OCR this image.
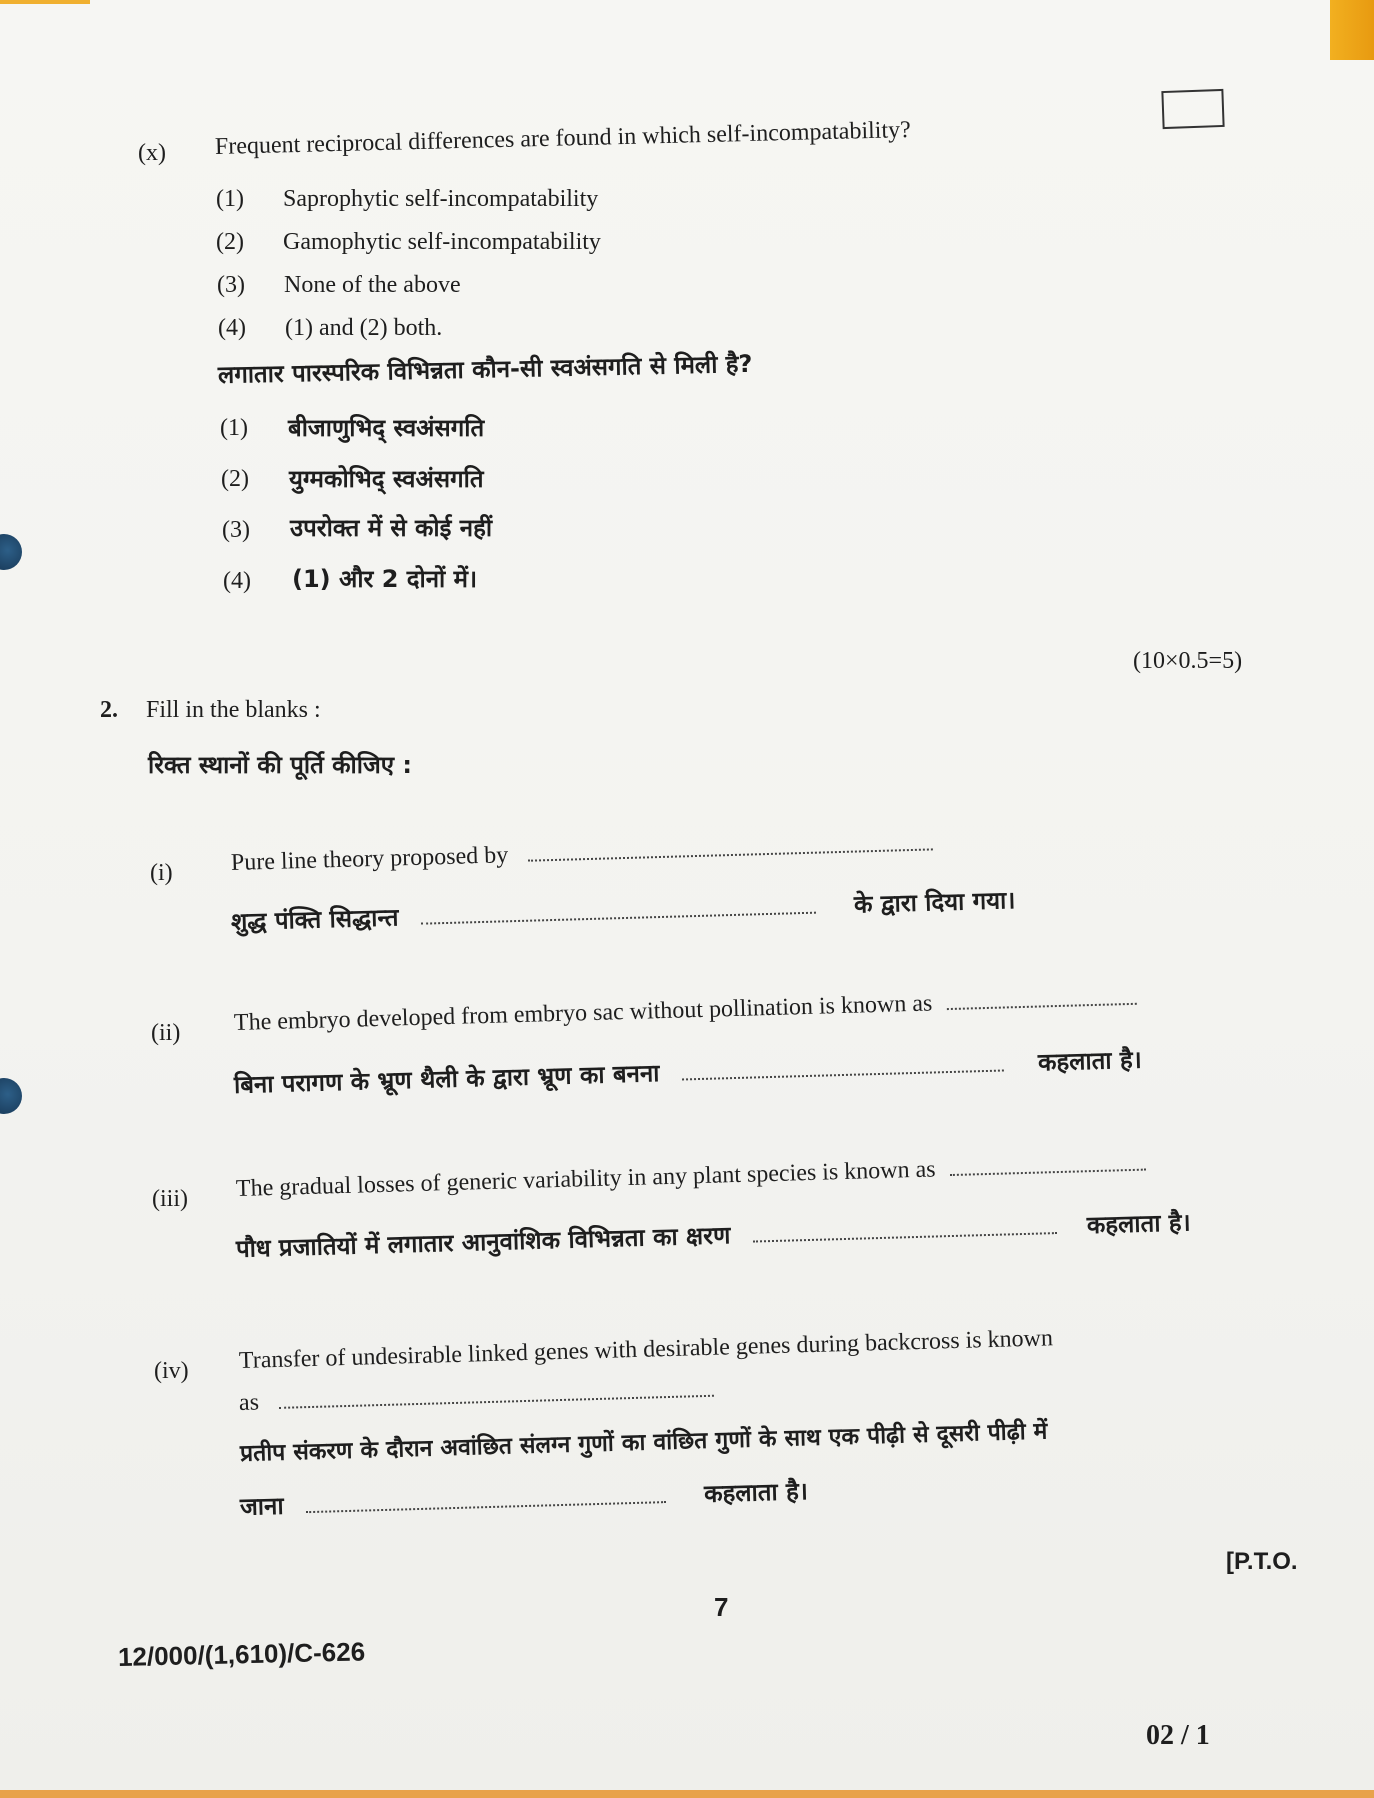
(x) Frequent reciprocal differences are found in which self-incompatability?
(1) Saprophytic self-incompatability
(2) Gamophytic self-incompatability
(3) None of the above
(4) (1) and (2) both.
लगातार पारस्परिक विभिन्नता कौन-सी स्वअंसगति से मिली है?
(1) बीजाणुभिद् स्वअंसगति
(2) युग्मकोभिद् स्वअंसगति
(3) उपरोक्त में से कोई नहीं
(4) (1) और 2 दोनों में।
(10×0.5=5)
2. Fill in the blanks :
रिक्त स्थानों की पूर्ति कीजिए :
(i) Pure line theory proposed by
शुद्ध पंक्ति सिद्धान्त  के द्वारा दिया गया।
(ii) The embryo developed from embryo sac without pollination is known as
बिना परागण के भ्रूण थैली के द्वारा भ्रूण का बनना	कहलाता है।
(iii) The gradual losses of generic variability in any plant species is known as
पौध प्रजातियों में लगातार आनुवांशिक विभिन्नता का क्षरण	कहलाता है।
(iv) Transfer of undesirable linked genes with desirable genes during backcross is known
as
प्रतीप संकरण के दौरान अवांछित संलग्न गुणों का वांछित गुणों के साथ एक पीढ़ी से दूसरी पीढ़ी में
जाना	कहलाता है।
[P.T.O.
7
12/000/(1,610)/C-626
02 / 1
